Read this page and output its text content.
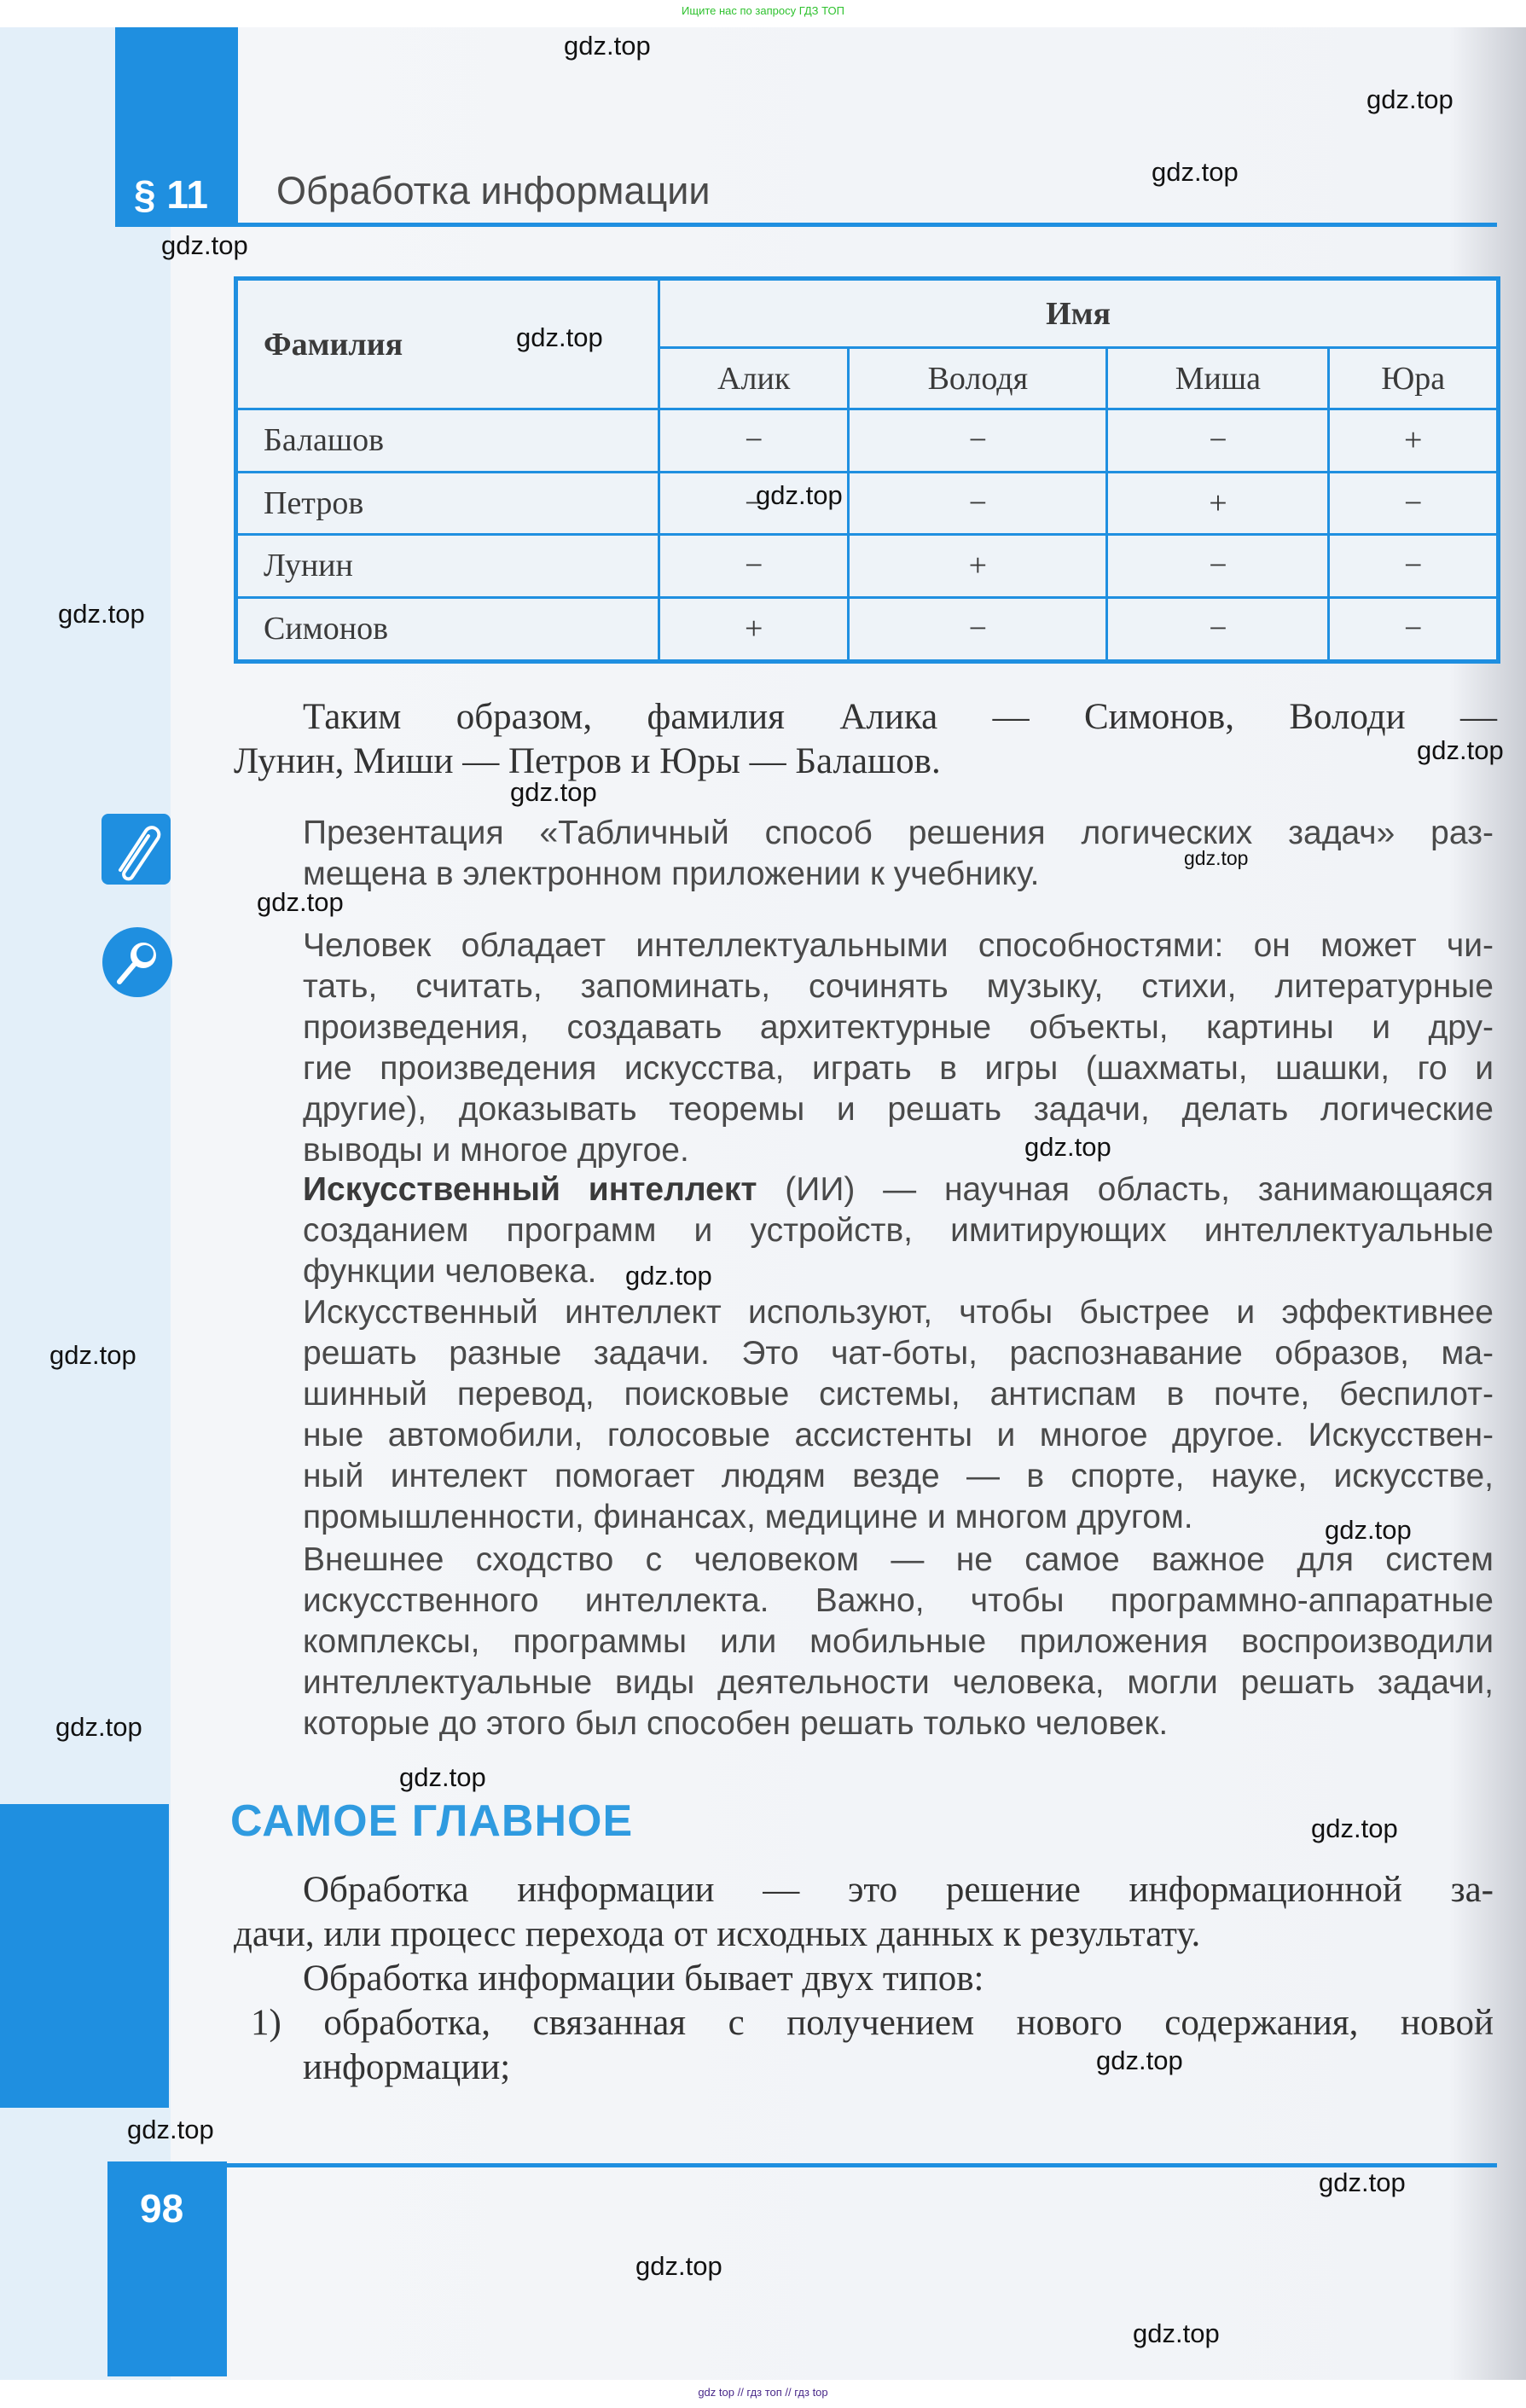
Ищите нас по запросу ГДЗ ТОП
§ 11 Обработка информации
Фамилия	Имя			
	Алик	Володя	Миша	Юра
Балашов	−	−	−	+
Петров	−	−	+	−
Лунин	−	+	−	−
Симонов	+	−	−	−
Таким образом, фамилия Алика — Симонов, Володи —
Лунин, Миши — Петров и Юры — Балашов.
Презентация «Табличный способ решения логических задач» раз-
мещена в электронном приложении к учебнику.
Человек обладает интеллектуальными способностями: он может чи-
тать, считать, запоминать, сочинять музыку, стихи, литературные
произведения, создавать архитектурные объекты, картины и дру-
гие произведения искусства, играть в игры (шахматы, шашки, го и
другие), доказывать теоремы и решать задачи, делать логические
выводы и многое другое.
Искусственный интеллект (ИИ) — научная область, занимающаяся
созданием программ и устройств, имитирующих интеллектуальные
функции человека.
Искусственный интеллект используют, чтобы быстрее и эффективнее
решать разные задачи. Это чат-боты, распознавание образов, ма-
шинный перевод, поисковые системы, антиспам в почте, беспилот-
ные автомобили, голосовые ассистенты и многое другое. Искусствен-
ный интелект помогает людям везде — в спорте, науке, искусстве,
промышленности, финансах, медицине и многом другом.
Внешнее сходство с человеком — не самое важное для систем
искусственного интеллекта. Важно, чтобы программно-аппаратные
комплексы, программы или мобильные приложения воспроизводили
интеллектуальные виды деятельности человека, могли решать задачи,
которые до этого был способен решать только человек.
Обработка информации — это решение информационной за-
дачи, или процесс перехода от исходных данных к результату.
Обработка информации бывает двух типов:
1) обработка, связанная с получением нового содержания, новой
информации;
САМОЕ ГЛАВНОЕ
98
gdz.top
gdz.top
gdz.top
gdz.top
gdz.top
gdz.top
gdz.top
gdz.top
gdz.top
gdz.top
gdz.top
gdz.top
gdz.top
gdz.top
gdz.top
gdz.top
gdz.top
gdz.top
gdz.top
gdz.top
gdz.top
gdz.top
gdz.top
gdz top // гдз топ // гдз top
